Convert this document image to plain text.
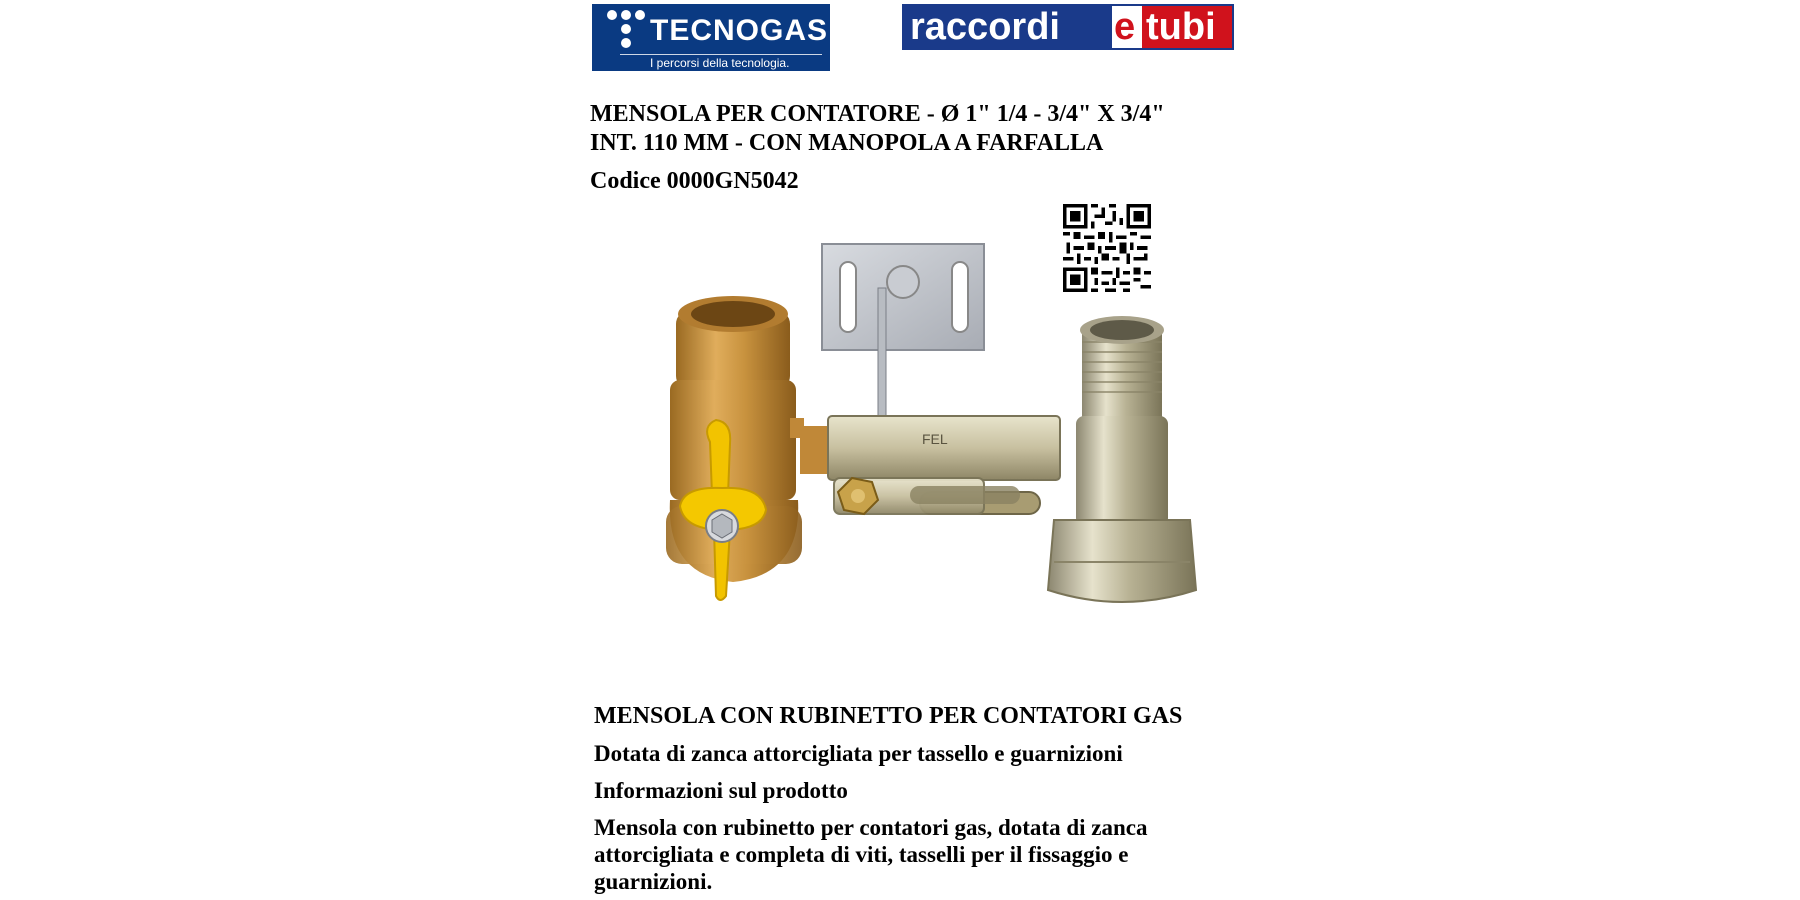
TECNOGAS
I percorsi della tecnologia.
raccordi e tubi
MENSOLA PER CONTATORE - Ø 1" 1/4 - 3/4" X 3/4"
INT. 110 MM - CON MANOPOLA A FARFALLA
Codice 0000GN5042
FEL
MENSOLA CON RUBINETTO PER CONTATORI GAS
Dotata di zanca attorcigliata per tassello e guarnizioni
Informazioni sul prodotto
Mensola con rubinetto per contatori gas, dotata di zanca attorcigliata e completa di viti, tasselli per il fissaggio e guarnizioni.
